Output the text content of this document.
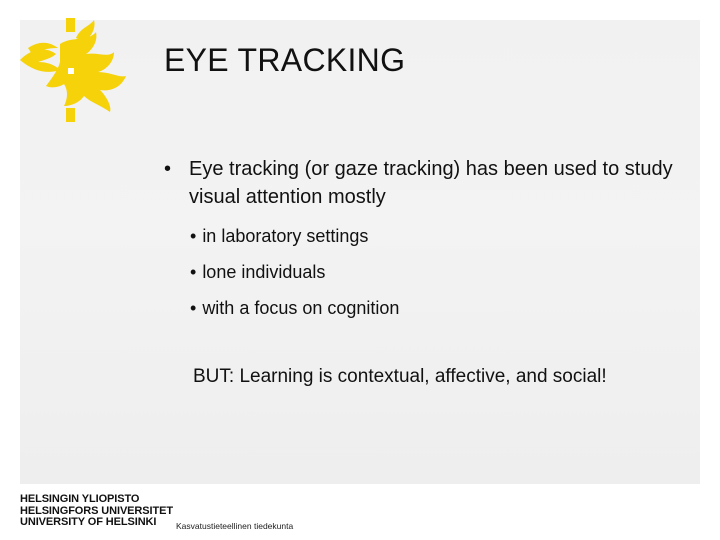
EYE TRACKING
• Eye tracking (or gaze tracking) has been used to study visual attention mostly
• in laboratory settings
• lone individuals
• with a focus on cognition
BUT: Learning is contextual, affective, and social!
HELSINGIN YLIOPISTO
HELSINGFORS UNIVERSITET
UNIVERSITY OF HELSINKI	Kasvatustieteellinen tiedekunta
